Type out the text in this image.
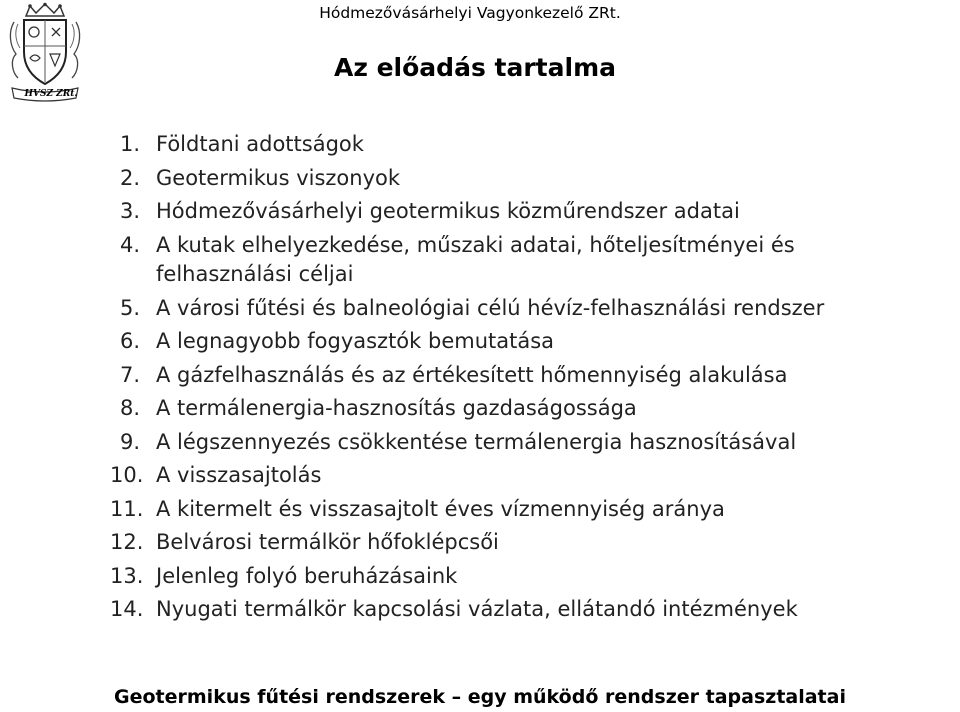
HVSZ ZRt.
Hódmezővásárhelyi Vagyonkezelő ZRt.
Az előadás tartalma
1. Földtani adottságok
2. Geotermikus viszonyok
3. Hódmezővásárhelyi geotermikus közműrendszer adatai
4. A kutak elhelyezkedése, műszaki adatai, hőteljesítményei és felhasználási céljai
5. A városi fűtési és balneológiai célú hévíz-felhasználási rendszer
6. A legnagyobb fogyasztók bemutatása
7. A gázfelhasználás és az értékesített hőmennyiség alakulása
8. A termálenergia-hasznosítás gazdaságossága
9. A légszennyezés csökkentése termálenergia hasznosításával
10. A visszasajtolás
11. A kitermelt és visszasajtolt éves vízmennyiség aránya
12. Belvárosi termálkör hőfoklépcsői
13. Jelenleg folyó beruházásaink
14. Nyugati termálkör kapcsolási vázlata, ellátandó intézmények
Geotermikus fűtési rendszerek – egy működő rendszer tapasztalatai
